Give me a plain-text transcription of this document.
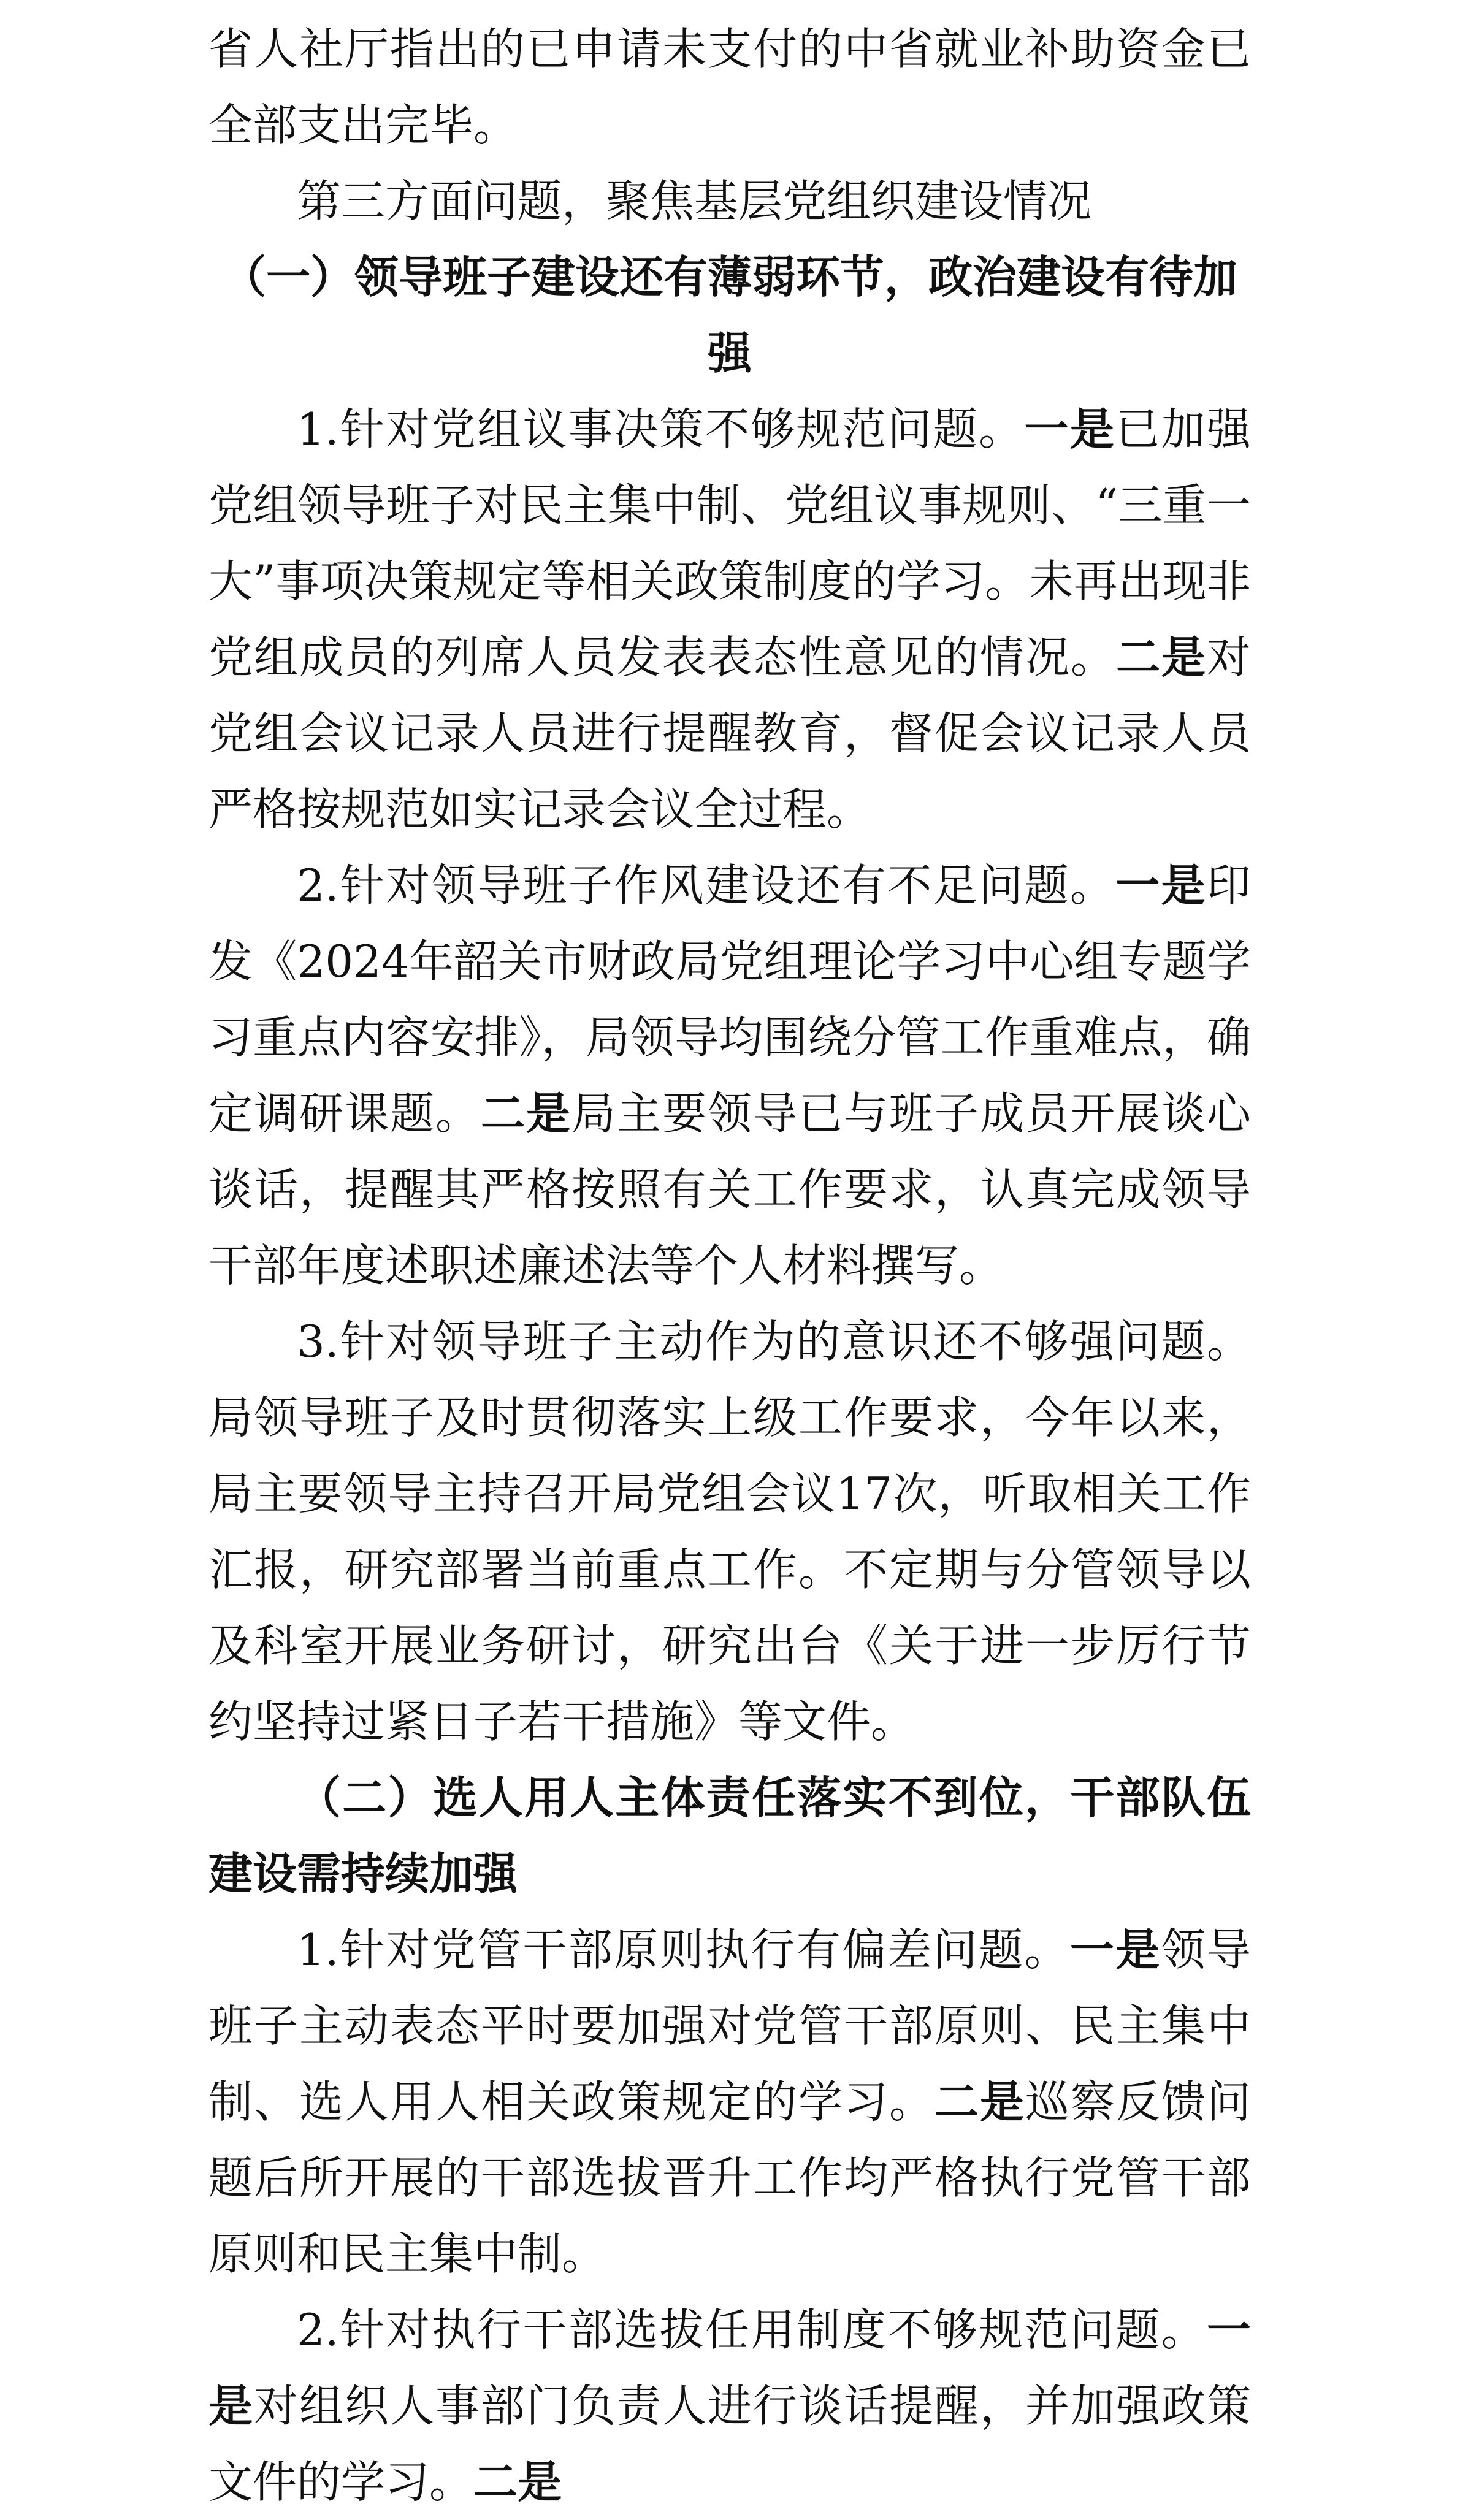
省人社厅指出的已申请未支付的中省就业补助资金已全部支出完毕。

第三方面问题，聚焦基层党组织建设情况

（一）领导班子建设还有薄弱环节，政治建设有待加强

1.针对党组议事决策不够规范问题。一是已加强党组领导班子对民主集中制、党组议事规则、“三重一大”事项决策规定等相关政策制度的学习。未再出现非党组成员的列席人员发表表态性意见的情况。二是对党组会议记录人员进行提醒教育，督促会议记录人员严格按规范如实记录会议全过程。

2.针对领导班子作风建设还有不足问题。一是印发《2024年韶关市财政局党组理论学习中心组专题学习重点内容安排》，局领导均围绕分管工作重难点，确定调研课题。二是局主要领导已与班子成员开展谈心谈话，提醒其严格按照有关工作要求，认真完成领导干部年度述职述廉述法等个人材料撰写。

3.针对领导班子主动作为的意识还不够强问题。局领导班子及时贯彻落实上级工作要求，今年以来，局主要领导主持召开局党组会议17次，听取相关工作汇报，研究部署当前重点工作。不定期与分管领导以及科室开展业务研讨，研究出台《关于进一步厉行节约坚持过紧日子若干措施》等文件。

（二）选人用人主体责任落实不到位，干部队伍建设需持续加强

1.针对党管干部原则执行有偏差问题。一是领导班子主动表态平时要加强对党管干部原则、民主集中制、选人用人相关政策规定的学习。二是巡察反馈问题后所开展的干部选拔晋升工作均严格执行党管干部原则和民主集中制。

2.针对执行干部选拔任用制度不够规范问题。一是对组织人事部门负责人进行谈话提醒，并加强政策文件的学习。二是
